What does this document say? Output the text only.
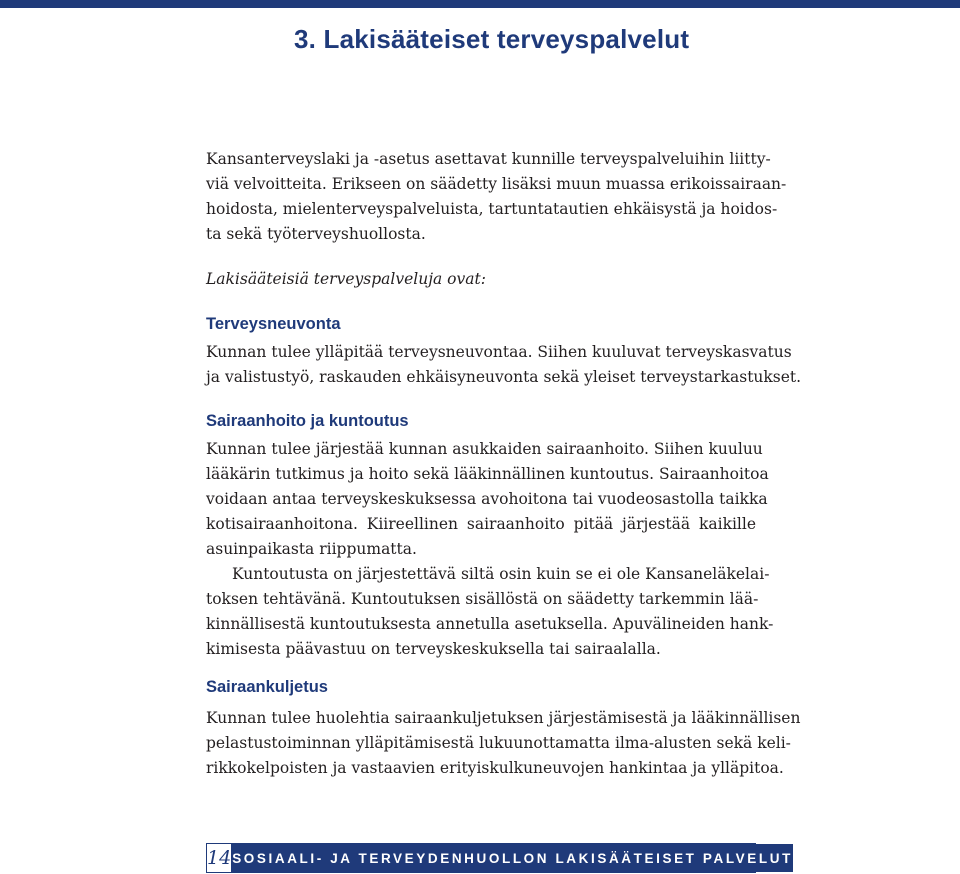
3. Lakisääteiset terveyspalvelut
Kansanterveyslaki ja -asetus asettavat kunnille terveyspalveluihin liitty-
viä velvoitteita. Erikseen on säädetty lisäksi muun muassa erikoissairaan-
hoidosta, mielenterveyspalveluista, tartuntatautien ehkäisystä ja hoidos-
ta sekä työterveyshuollosta.
Lakisääteisiä terveyspalveluja ovat:
Terveysneuvonta
Kunnan tulee ylläpitää terveysneuvontaa. Siihen kuuluvat terveyskasvatus
ja valistustyö, raskauden ehkäisyneuvonta sekä yleiset terveystarkastukset.
Sairaanhoito ja kuntoutus
Kunnan tulee järjestää kunnan asukkaiden sairaanhoito. Siihen kuuluu
lääkärin tutkimus ja hoito sekä lääkinnällinen kuntoutus. Sairaanhoitoa
voidaan antaa terveyskeskuksessa avohoitona tai vuodeosastolla taikka
kotisairaanhoitona. Kiireellinen sairaanhoito pitää järjestää kaikille
asuinpaikasta riippumatta.
Kuntoutusta on järjestettävä siltä osin kuin se ei ole Kansaneläkelai-
toksen tehtävänä. Kuntoutuksen sisällöstä on säädetty tarkemmin lää-
kinnällisestä kuntoutuksesta annetulla asetuksella. Apuvälineiden hank-
kimisesta päävastuu on terveyskeskuksella tai sairaalalla.
Sairaankuljetus
Kunnan tulee huolehtia sairaankuljetuksen järjestämisestä ja lääkinnällisen
pelastustoiminnan ylläpitämisestä lukuunottamatta ilma-alusten sekä keli-
rikkokelpoisten ja vastaavien erityiskulkuneuvojen hankintaa ja ylläpitoa.
14 SOSIAALI- JA TERVEYDENHUOLLON LAKISÄÄTEISET PALVELUT
